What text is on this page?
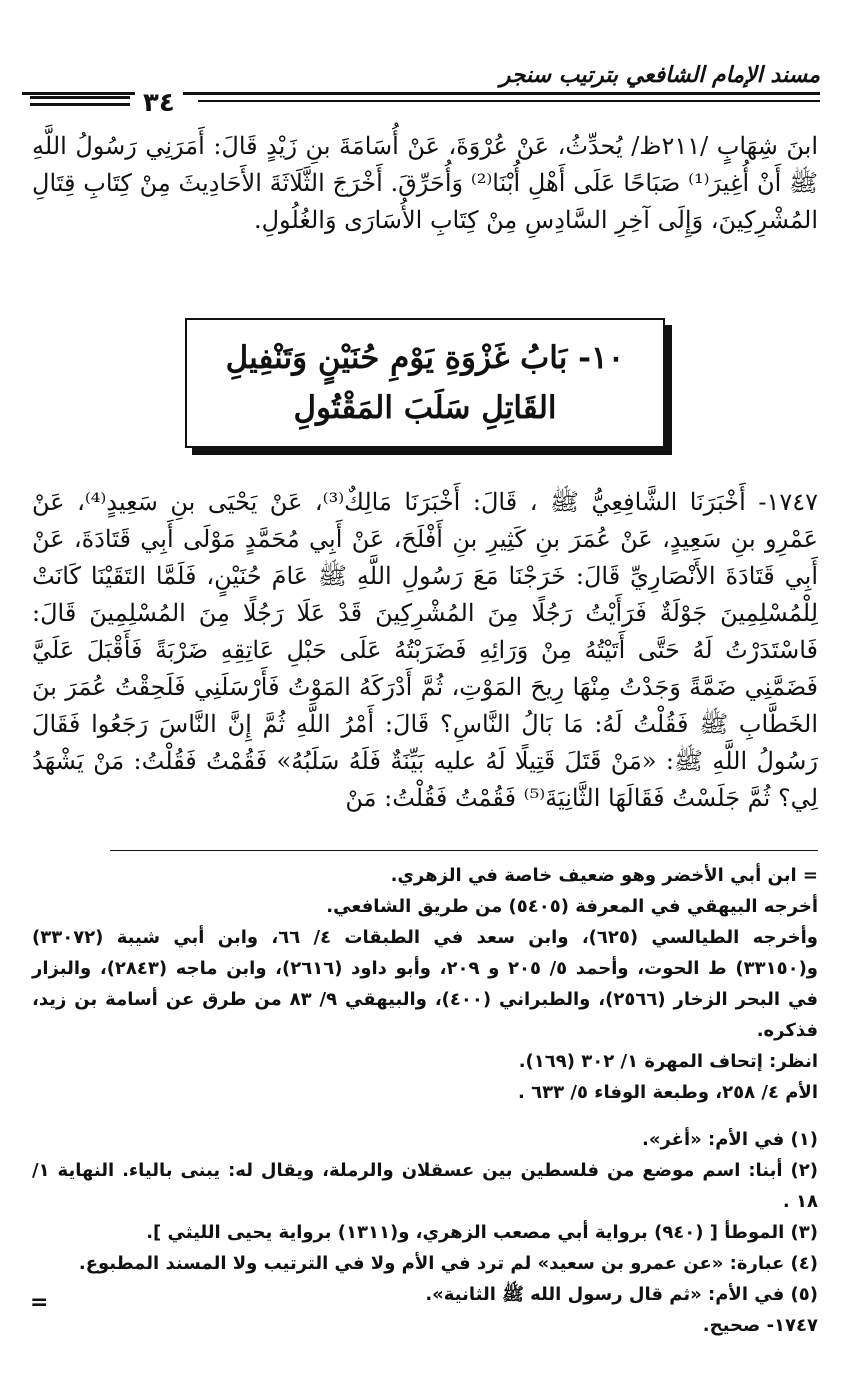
مسند الإمام الشافعي بترتيب سنجر
٣٤
ابنَ شِهَابٍ /٢١١ظ/ يُحدِّثُ، عَنْ عُرْوَةَ، عَنْ أُسَامَةَ بنِ زَيْدٍ قَالَ: أَمَرَنِي رَسُولُ اللَّهِ ﷺ أَنْ أُغِيرَ⁽¹⁾ صَبَاحًا عَلَى أَهْلِ أُبْنَا⁽²⁾ وَأُحَرِّقَ. أَخْرَجَ الثَّلَاثَةَ الأَحَادِيثَ مِنْ كِتَابِ قِتَالِ المُشْرِكِينَ، وَإِلَى آخِرِ السَّادِسِ مِنْ كِتَابِ الأُسَارَى وَالغُلُولِ.
١٠- بَابُ غَزْوَةِ يَوْمِ حُنَيْنٍ وَتَنْفِيلِ القَاتِلِ سَلَبَ المَقْتُولِ
١٧٤٧- أَخْبَرَنَا الشَّافِعِيُّ ﷺ ، قَالَ: أَخْبَرَنَا مَالِكٌ⁽³⁾، عَنْ يَحْيَى بنِ سَعِيدٍ⁽⁴⁾، عَنْ عَمْرِو بنِ سَعِيدٍ، عَنْ عُمَرَ بنِ كَثِيرِ بنِ أَفْلَحَ، عَنْ أَبِي مُحَمَّدٍ مَوْلَى أَبِي قَتَادَةَ، عَنْ أَبِي قَتَادَةَ الأَنْصَارِيِّ قَالَ: خَرَجْنَا مَعَ رَسُولِ اللَّهِ ﷺ عَامَ حُنَيْنٍ، فَلَمَّا التَقَيْنَا كَانَتْ لِلْمُسْلِمِينَ جَوْلَةٌ فَرَأَيْتُ رَجُلًا مِنَ المُشْرِكِينَ قَدْ عَلَا رَجُلًا مِنَ المُسْلِمِينَ قَالَ: فَاسْتَدَرْتُ لَهُ حَتَّى أَتَيْتُهُ مِنْ وَرَائِهِ فَضَرَبْتُهُ عَلَى حَبْلِ عَاتِقِهِ ضَرْبَةً فَأَقْبَلَ عَلَيَّ فَضَمَّنِي ضَمَّةً وَجَدْتُ مِنْهَا رِيحَ المَوْتِ، ثُمَّ أَدْرَكَهُ المَوْتُ فَأَرْسَلَنِي فَلَحِقْتُ عُمَرَ بنَ الخَطَّابِ ﷺ فَقُلْتُ لَهُ: مَا بَالُ النَّاسِ؟ قَالَ: أَمْرُ اللَّهِ ثُمَّ إِنَّ النَّاسَ رَجَعُوا فَقَالَ رَسُولُ اللَّهِ ﷺ: «مَنْ قَتَلَ قَتِيلًا لَهُ عليه بَيِّنَةٌ فَلَهُ سَلَبُهُ» فَقُمْتُ فَقُلْتُ: مَنْ يَشْهَدُ لِي؟ ثُمَّ جَلَسْتُ فَقَالَهَا الثَّانِيَةَ⁽⁵⁾ فَقُمْتُ فَقُلْتُ: مَنْ

= ابن أبي الأخضر وهو ضعيف خاصة في الزهري.

أخرجه البيهقي في المعرفة (٥٤٠٥) من طريق الشافعي.

وأخرجه الطيالسي (٦٢٥)، وابن سعد في الطبقات ٤/ ٦٦، وابن أبي شيبة (٣٣٠٧٢) و(٣٣١٥٠) ط الحوت، وأحمد ٥/ ٢٠٥ و ٢٠٩، وأبو داود (٢٦١٦)، وابن ماجه (٢٨٤٣)، والبزار في البحر الزخار (٢٥٦٦)، والطبراني (٤٠٠)، والبيهقي ٩/ ٨٣ من طرق عن أسامة بن زيد، فذكره.

انظر: إتحاف المهرة ١/ ٣٠٢ (١٦٩).

الأم ٤/ ٢٥٨، وطبعة الوفاء ٥/ ٦٣٣ .

(١) في الأم: «أغر».

(٢) أبنا: اسم موضع من فلسطين بين عسقلان والرملة، ويقال له: يبنى بالياء. النهاية ١/ ١٨ .

(٣) الموطأ [ (٩٤٠) برواية أبي مصعب الزهري، و(١٣١١) برواية يحيى الليثي ].

(٤) عبارة: «عن عمرو بن سعيد» لم ترد في الأم ولا في الترتيب ولا المسند المطبوع.

(٥) في الأم: «ثم قال رسول الله ﷺ الثانية».

١٧٤٧- صحيح.

=
